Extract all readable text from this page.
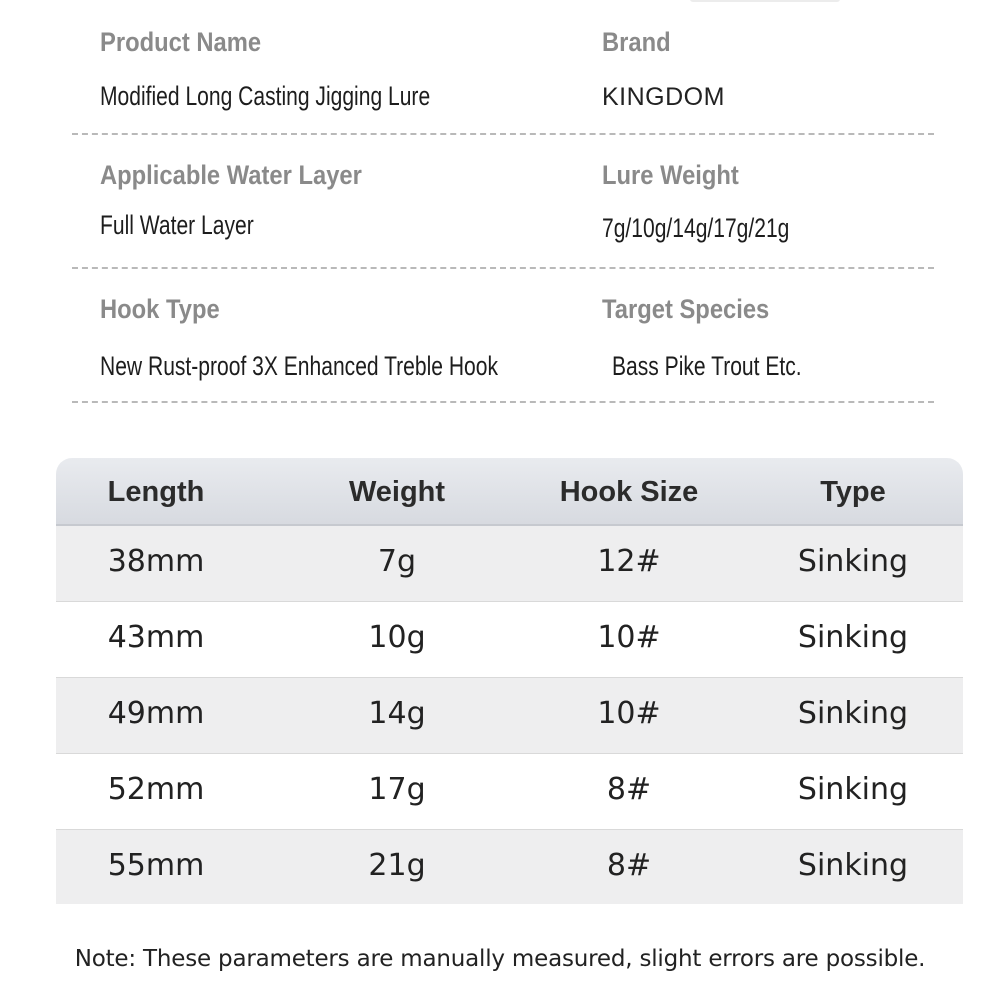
Product Name
Modified Long Casting Jigging Lure
Brand
KINGDOM
Applicable Water Layer
Full Water Layer
Lure Weight
7g/10g/14g/17g/21g
Hook Type
New Rust-proof 3X Enhanced Treble Hook
Target Species
Bass Pike Trout Etc.
Length	Weight	Hook Size	Type
38mm	7g	12#	Sinking
43mm	10g	10#	Sinking
49mm	14g	10#	Sinking
52mm	17g	8#	Sinking
55mm	21g	8#	Sinking
Note: These parameters are manually measured, slight errors are possible.
